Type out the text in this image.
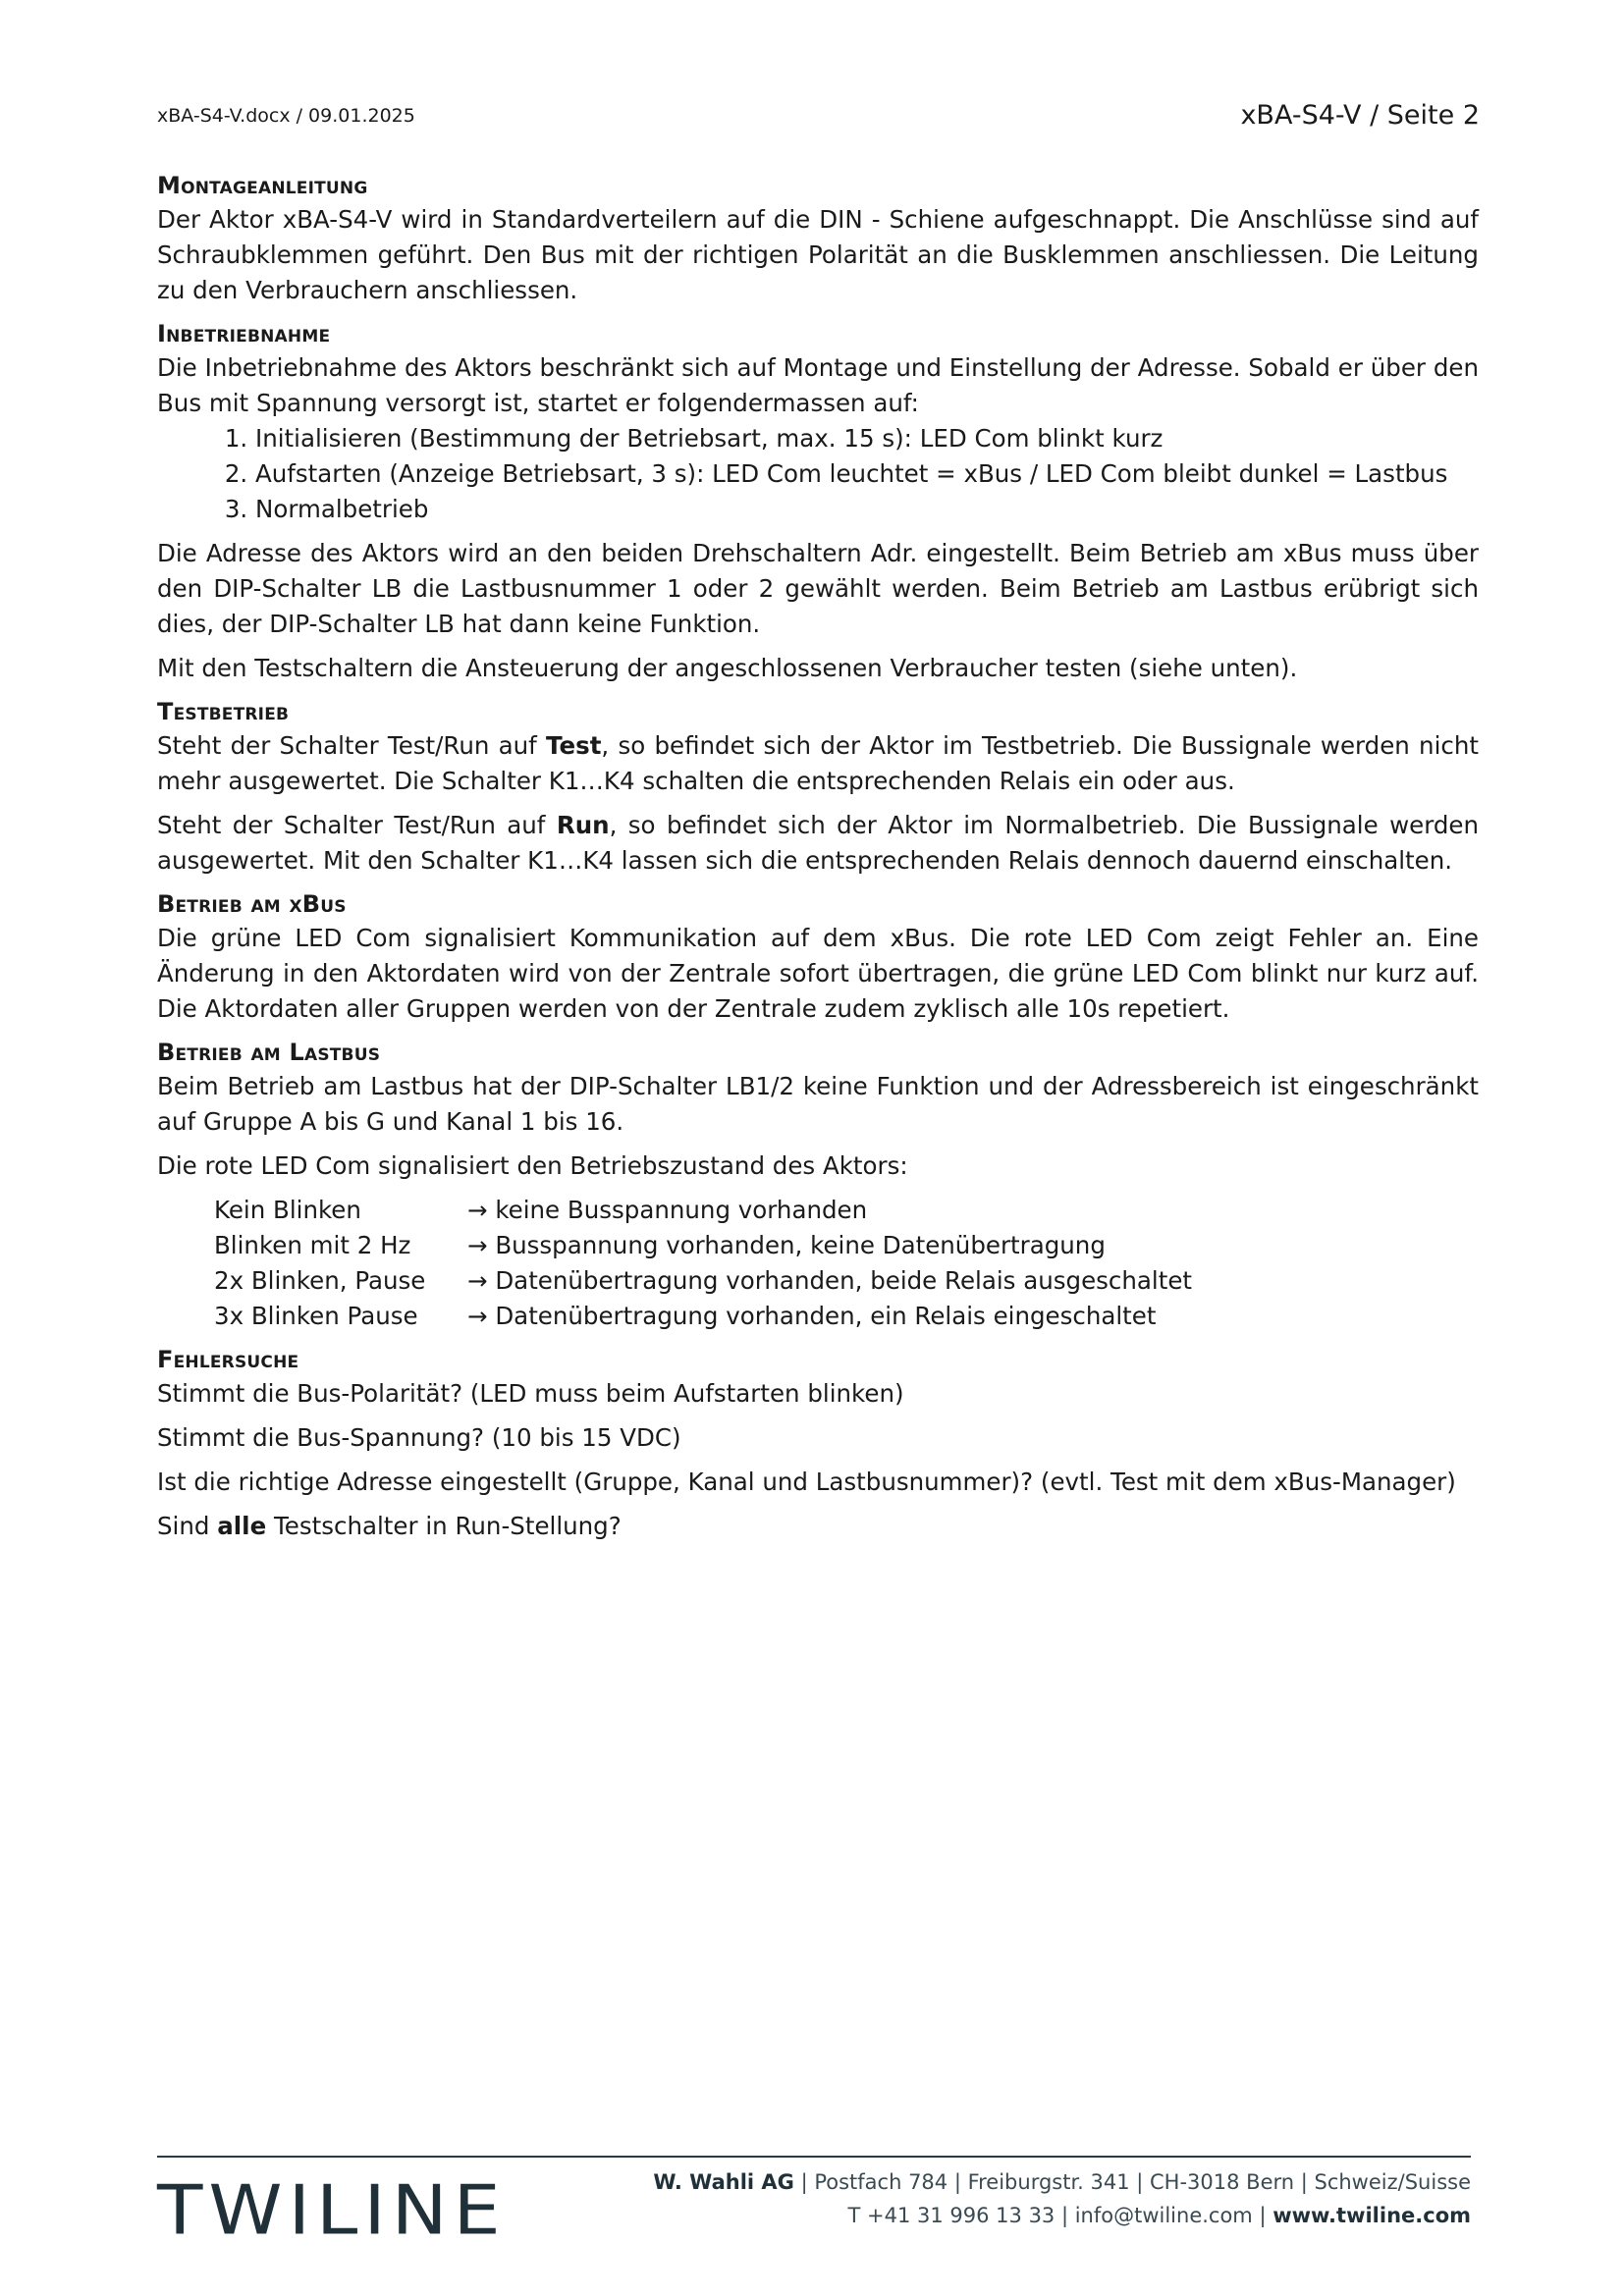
xBA-S4-V.docx / 09.01.2025	xBA-S4-V / Seite 2
Montageanleitung

Der Aktor xBA-S4-V wird in Standardverteilern auf die DIN - Schiene aufgeschnappt. Die Anschlüsse sind auf Schraubklemmen geführt. Den Bus mit der richtigen Polarität an die Busklemmen anschliessen. Die Leitung zu den Verbrauchern anschliessen.

Inbetriebnahme

Die Inbetriebnahme des Aktors beschränkt sich auf Montage und Einstellung der Adresse. Sobald er über den Bus mit Spannung versorgt ist, startet er folgendermassen auf:

1. Initialisieren (Bestimmung der Betriebsart, max. 15 s): LED Com blinkt kurz
2. Aufstarten (Anzeige Betriebsart, 3 s): LED Com leuchtet = xBus / LED Com bleibt dunkel = Lastbus
3. Normalbetrieb

Die Adresse des Aktors wird an den beiden Drehschaltern Adr. eingestellt. Beim Betrieb am xBus muss über den DIP-Schalter LB die Lastbusnummer 1 oder 2 gewählt werden. Beim Betrieb am Lastbus erübrigt sich dies, der DIP-Schalter LB hat dann keine Funktion.

Mit den Testschaltern die Ansteuerung der angeschlossenen Verbraucher testen (siehe unten).

Testbetrieb

Steht der Schalter Test/Run auf Test, so befindet sich der Aktor im Testbetrieb. Die Bussignale werden nicht mehr ausgewertet. Die Schalter K1…K4 schalten die entsprechenden Relais ein oder aus.

Steht der Schalter Test/Run auf Run, so befindet sich der Aktor im Normalbetrieb. Die Bussignale werden ausgewertet. Mit den Schalter K1…K4 lassen sich die entsprechenden Relais dennoch dauernd einschalten.

Betrieb am xBus

Die grüne LED Com signalisiert Kommunikation auf dem xBus. Die rote LED Com zeigt Fehler an. Eine Änderung in den Aktordaten wird von der Zentrale sofort übertragen, die grüne LED Com blinkt nur kurz auf. Die Aktordaten aller Gruppen werden von der Zentrale zudem zyklisch alle 10s repetiert.

Betrieb am Lastbus

Beim Betrieb am Lastbus hat der DIP-Schalter LB1/2 keine Funktion und der Adressbereich ist eingeschränkt auf Gruppe A bis G und Kanal 1 bis 16.

Die rote LED Com signalisiert den Betriebszustand des Aktors:

Kein Blinken	→ keine Busspannung vorhanden
Blinken mit 2 Hz	→ Busspannung vorhanden, keine Datenübertragung
2x Blinken, Pause	→ Datenübertragung vorhanden, beide Relais ausgeschaltet
3x Blinken Pause	→ Datenübertragung vorhanden, ein Relais eingeschaltet
Fehlersuche

Stimmt die Bus-Polarität? (LED muss beim Aufstarten blinken)

Stimmt die Bus-Spannung? (10 bis 15 VDC)

Ist die richtige Adresse eingestellt (Gruppe, Kanal und Lastbusnummer)? (evtl. Test mit dem xBus-Manager)

Sind alle Testschalter in Run-Stellung?

TWILINE	W. Wahli AG | Postfach 784 | Freiburgstr. 341 | CH-3018 Bern | Schweiz/Suisse
T +41 31 996 13 33 | info@twiline.com | www.twiline.com
